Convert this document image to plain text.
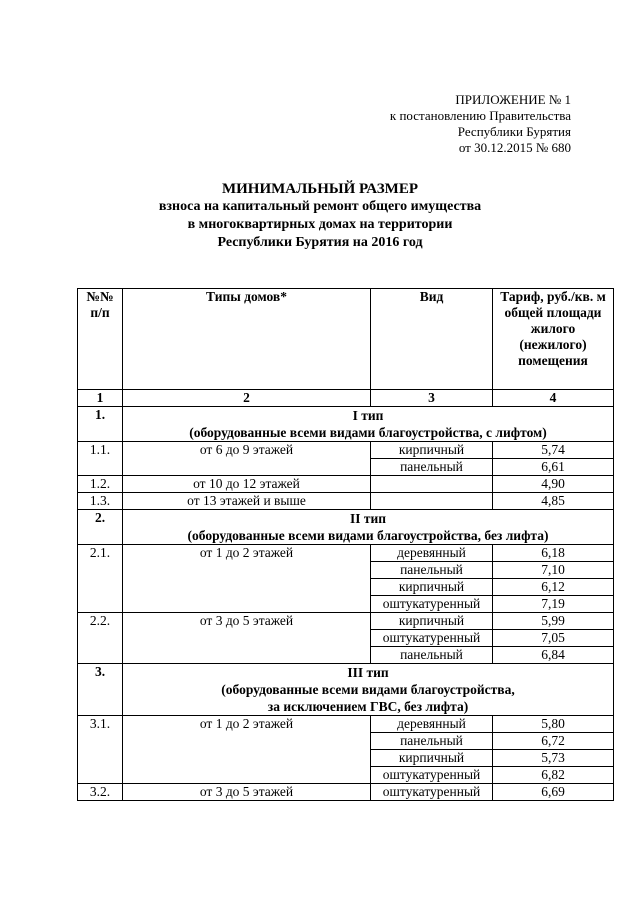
ПРИЛОЖЕНИЕ № 1
к постановлению Правительства
Республики Бурятия
от 30.12.2015 № 680
МИНИМАЛЬНЫЙ РАЗМЕР
взноса на капитальный ремонт общего имущества
в многоквартирных домах на территории
Республики Бурятия на 2016 год
№№ п/п	Типы домов*	Вид	Тариф, руб./кв. м общей площади жилого (нежилого) помещения
1	2	3	4
1.	I тип
(оборудованные всеми видами благоустройства, с лифтом)		

1.1.	от 6 до 9 этажей	кирпичный	5,74
		панельный	6,61
1.2.	от 10 до 12 этажей		4,90
1.3.	от 13 этажей и выше		4,85
2.	II тип
(оборудованные всеми видами благоустройства, без лифта)		

2.1.	от 1 до 2 этажей	деревянный	6,18
		панельный	7,10
		кирпичный	6,12
		оштукатуренный	7,19
2.2.	от 3 до 5 этажей	кирпичный	5,99
		оштукатуренный	7,05
		панельный	6,84
3.	III тип
(оборудованные всеми видами благоустройства,
за исключением ГВС, без лифта)		

3.1.	от 1 до 2 этажей	деревянный	5,80
		панельный	6,72
		кирпичный	5,73
		оштукатуренный	6,82
3.2.	от 3 до 5 этажей	оштукатуренный	6,69
